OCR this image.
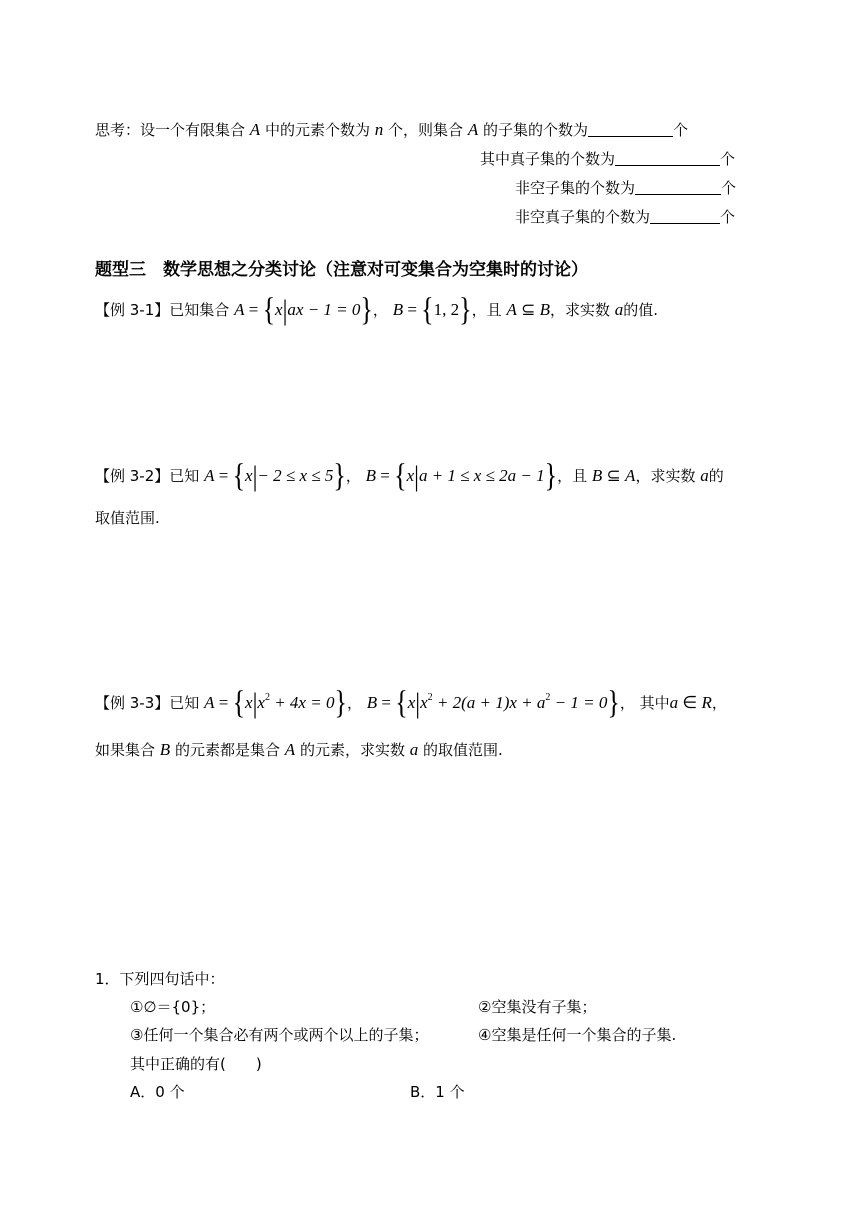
思考：设一个有限集合 A 中的元素个数为 n 个，则集合 A 的子集的个数为	个
其中真子集的个数为	个
非空子集的个数为	个
非空真子集的个数为	个
题型三　数学思想之分类讨论（注意对可变集合为空集时的讨论）
【例 3-1】已知集合 A = {x|ax − 1 = 0}， B = {1, 2}，且 A ⊆ B，求实数 a的值.
【例 3-2】已知 A = {x|− 2 ≤ x ≤ 5}， B = {x|a + 1 ≤ x ≤ 2a − 1}，且 B ⊆ A，求实数 a的
取值范围.
【例 3-3】已知 $A = \{x|x^2 + 4x = 0\}$， $B = \{x|x^2 + 2(a + 1)x + a^2 - 1 = 0\}$， 其中a ∈ R，
如果集合 B 的元素都是集合 A 的元素，求实数 a 的取值范围.
1．下列四句话中：
①∅＝{0}；	②空集没有子集；
③任何一个集合必有两个或两个以上的子集；	④空集是任何一个集合的子集.
其中正确的有(　　)
A．0 个	B．1 个
